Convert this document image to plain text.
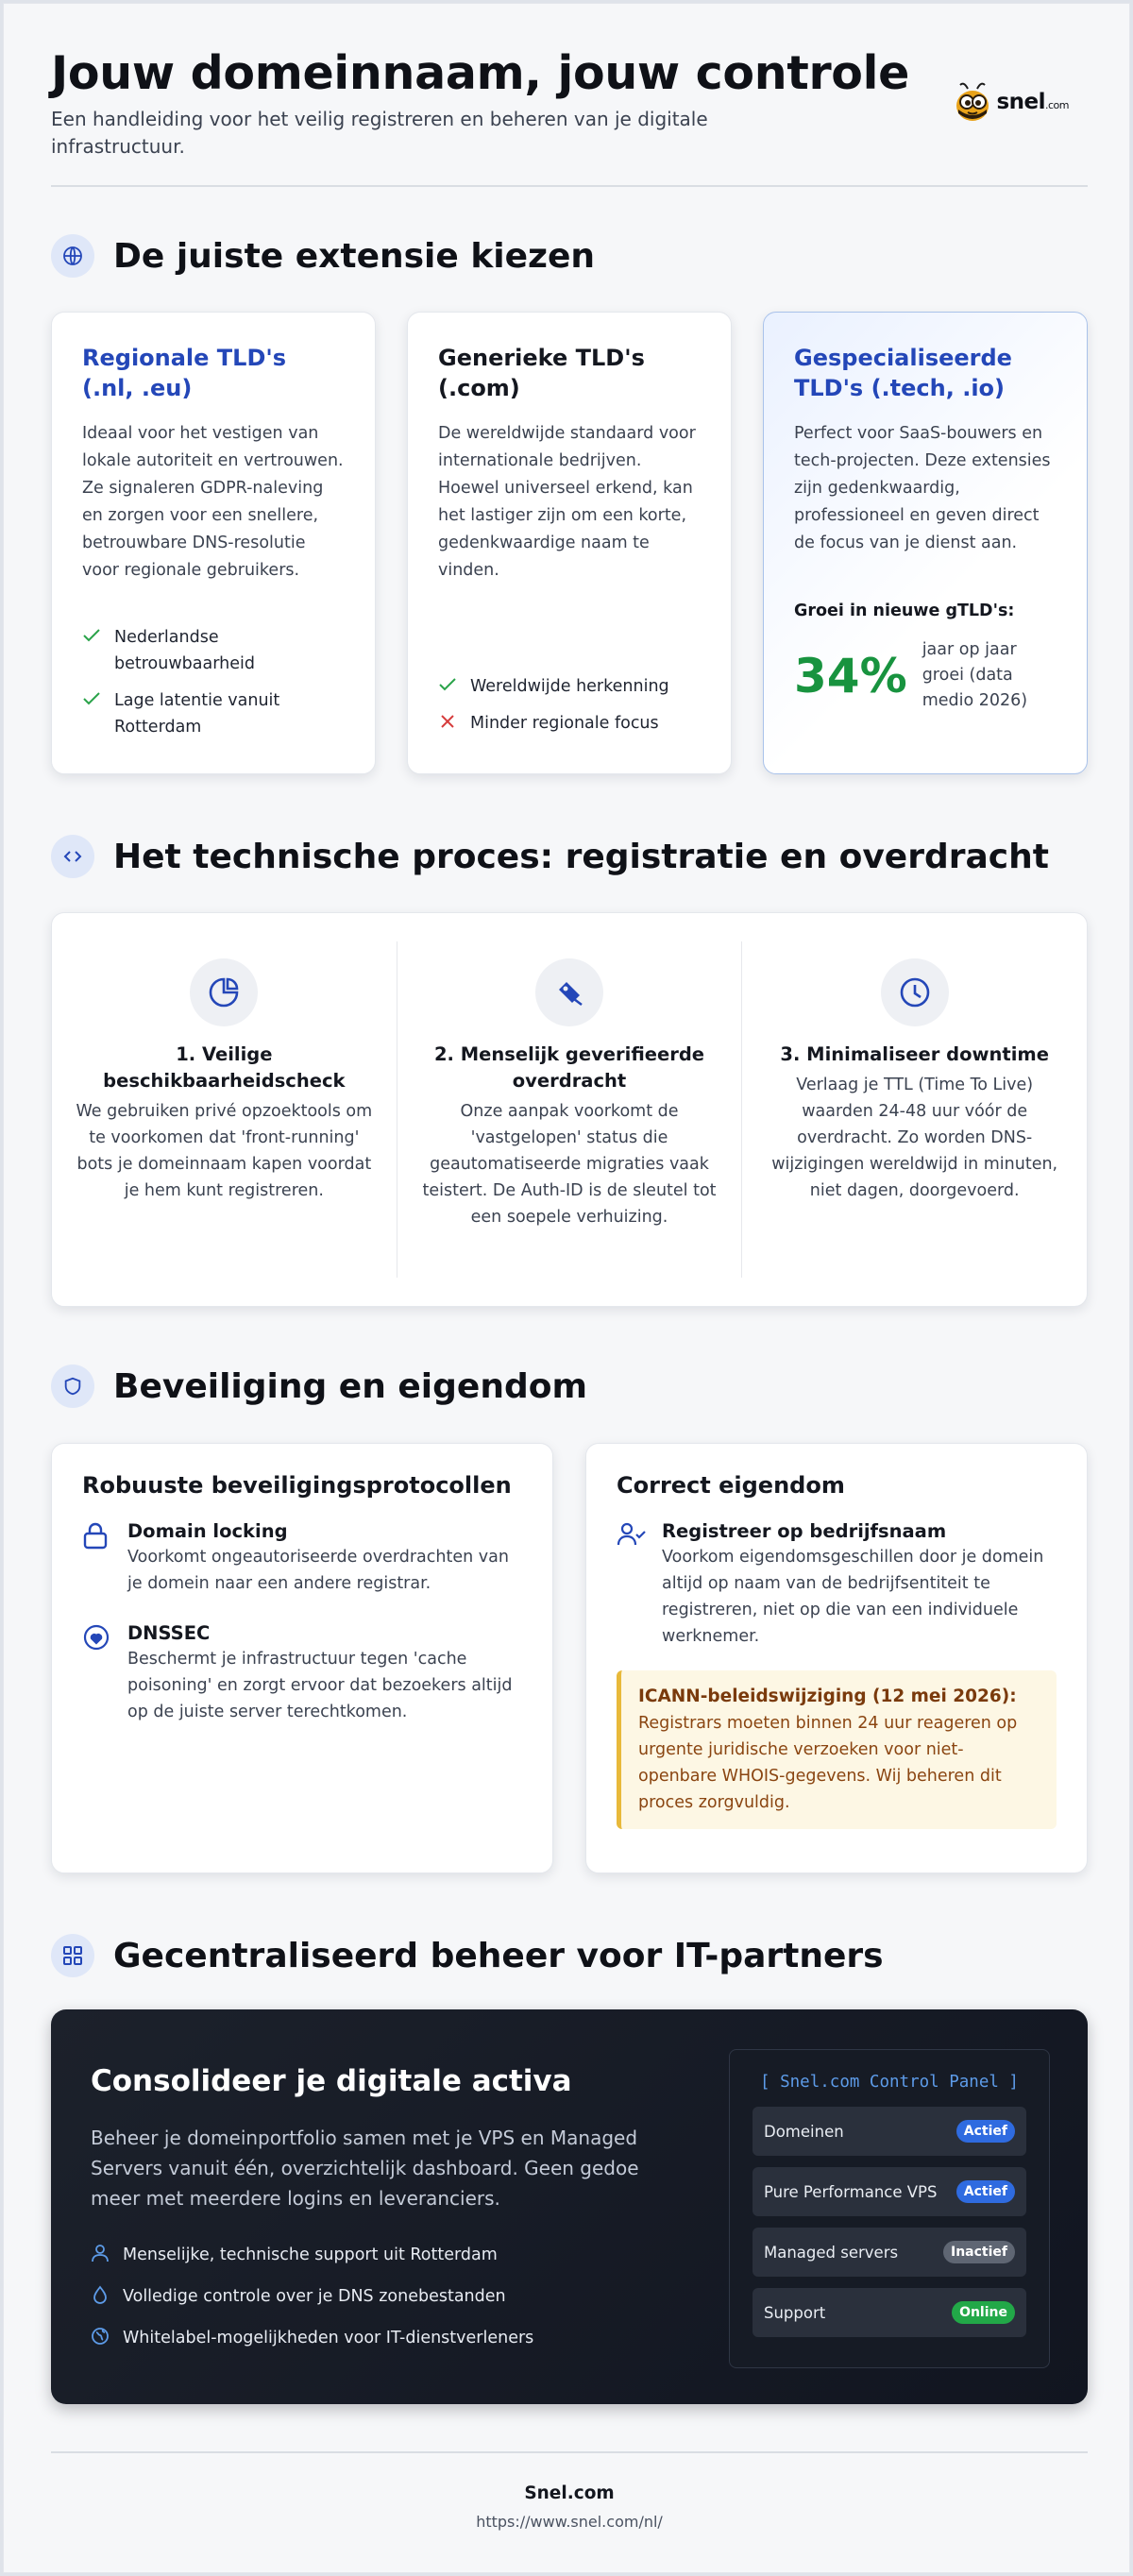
Jouw domeinnaam, jouw controle
Een handleiding voor het veilig registreren en beheren van je digitale infrastructuur.
snel.com
De juiste extensie kiezen
Regionale TLD's (.nl, .eu)

Ideaal voor het vestigen van lokale autoriteit en vertrouwen. Ze signaleren GDPR-naleving en zorgen voor een snellere, betrouwbare DNS-resolutie voor regionale gebruikers.

Nederlandse betrouwbaarheid
Lage latentie vanuit Rotterdam
Generieke TLD's (.com)

De wereldwijde standaard voor internationale bedrijven. Hoewel universeel erkend, kan het lastiger zijn om een korte, gedenkwaardige naam te vinden.

Wereldwijde herkenning
Minder regionale focus
Gespecialiseerde TLD's (.tech, .io)

Perfect voor SaaS-bouwers en tech-projecten. Deze extensies zijn gedenkwaardig, professioneel en geven direct de focus van je dienst aan.

Groei in nieuwe gTLD's:
34% jaar op jaar groei (data medio 2026)
Het technische proces: registratie en overdracht
1. Veilige beschikbaarheidscheck

We gebruiken privé opzoektools om te voorkomen dat 'front-running' bots je domeinnaam kapen voordat je hem kunt registreren.

2. Menselijk geverifieerde overdracht

Onze aanpak voorkomt de 'vastgelopen' status die geautomatiseerde migraties vaak teistert. De Auth-ID is de sleutel tot een soepele verhuizing.

3. Minimaliseer downtime

Verlaag je TTL (Time To Live) waarden 24-48 uur vóór de overdracht. Zo worden DNS-wijzigingen wereldwijd in minuten, niet dagen, doorgevoerd.

Beveiliging en eigendom
Robuuste beveiligingsprotocollen
Domain locking

Voorkomt ongeautoriseerde overdrachten van je domein naar een andere registrar.

DNSSEC

Beschermt je infrastructuur tegen 'cache poisoning' en zorgt ervoor dat bezoekers altijd op de juiste server terechtkomen.

Correct eigendom
Registreer op bedrijfsnaam

Voorkom eigendomsgeschillen door je domein altijd op naam van de bedrijfsentiteit te registreren, niet op die van een individuele werknemer.

ICANN-beleidswijziging (12 mei 2026):

Registrars moeten binnen 24 uur reageren op urgente juridische verzoeken voor niet-openbare WHOIS-gegevens. Wij beheren dit proces zorgvuldig.

Gecentraliseerd beheer voor IT-partners
Consolideer je digitale activa
Beheer je domeinportfolio samen met je VPS en Managed Servers vanuit één, overzichtelijk dashboard. Geen gedoe meer met meerdere logins en leveranciers.
Menselijke, technische support uit Rotterdam
Volledige controle over je DNS zonebestanden
Whitelabel-mogelijkheden voor IT-dienstverleners
[ Snel.com Control Panel ]
Domeinen	Actief
Pure Performance VPS	Actief
Managed servers	Inactief
Support	Online
Snel.com
https://www.snel.com/nl/
